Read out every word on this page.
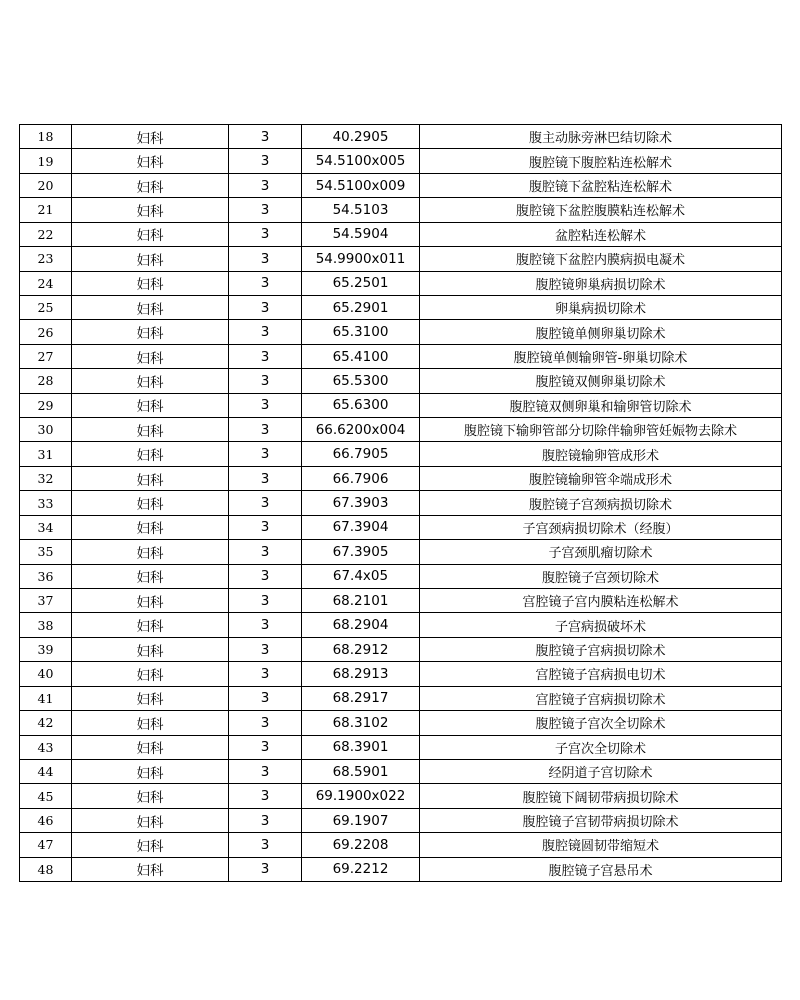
18	妇科	3	40.2905	腹主动脉旁淋巴结切除术
19	妇科	3	54.5100x005	腹腔镜下腹腔粘连松解术
20	妇科	3	54.5100x009	腹腔镜下盆腔粘连松解术
21	妇科	3	54.5103	腹腔镜下盆腔腹膜粘连松解术
22	妇科	3	54.5904	盆腔粘连松解术
23	妇科	3	54.9900x011	腹腔镜下盆腔内膜病损电凝术
24	妇科	3	65.2501	腹腔镜卵巢病损切除术
25	妇科	3	65.2901	卵巢病损切除术
26	妇科	3	65.3100	腹腔镜单侧卵巢切除术
27	妇科	3	65.4100	腹腔镜单侧输卵管-卵巢切除术
28	妇科	3	65.5300	腹腔镜双侧卵巢切除术
29	妇科	3	65.6300	腹腔镜双侧卵巢和输卵管切除术
30	妇科	3	66.6200x004	腹腔镜下输卵管部分切除伴输卵管妊娠物去除术
31	妇科	3	66.7905	腹腔镜输卵管成形术
32	妇科	3	66.7906	腹腔镜输卵管伞端成形术
33	妇科	3	67.3903	腹腔镜子宫颈病损切除术
34	妇科	3	67.3904	子宫颈病损切除术（经腹）
35	妇科	3	67.3905	子宫颈肌瘤切除术
36	妇科	3	67.4x05	腹腔镜子宫颈切除术
37	妇科	3	68.2101	宫腔镜子宫内膜粘连松解术
38	妇科	3	68.2904	子宫病损破坏术
39	妇科	3	68.2912	腹腔镜子宫病损切除术
40	妇科	3	68.2913	宫腔镜子宫病损电切术
41	妇科	3	68.2917	宫腔镜子宫病损切除术
42	妇科	3	68.3102	腹腔镜子宫次全切除术
43	妇科	3	68.3901	子宫次全切除术
44	妇科	3	68.5901	经阴道子宫切除术
45	妇科	3	69.1900x022	腹腔镜下阔韧带病损切除术
46	妇科	3	69.1907	腹腔镜子宫韧带病损切除术
47	妇科	3	69.2208	腹腔镜圆韧带缩短术
48	妇科	3	69.2212	腹腔镜子宫悬吊术
